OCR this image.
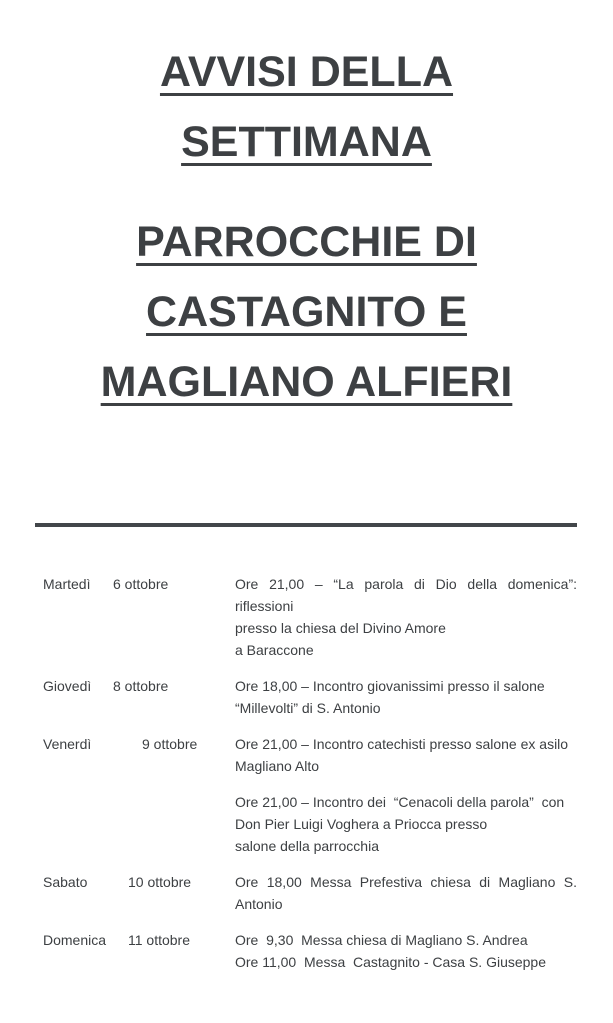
AVVISI DELLA
SETTIMANA
PARROCCHIE DI
CASTAGNITO E
MAGLIANO ALFIERI
Martedì	6 ottobre	Ore 21,00 – “La parola di Dio della domenica”:
riflessioni
presso la chiesa del Divino Amore
a Baraccone
Giovedì	8 ottobre	Ore 18,00 – Incontro giovanissimi presso il salone
“Millevolti” di S. Antonio
Venerdì	9 ottobre	Ore 21,00 – Incontro catechisti presso salone ex asilo
Magliano Alto
Ore 21,00 – Incontro dei  “Cenacoli della parola”  con
Don Pier Luigi Voghera a Priocca presso
salone della parrocchia
Sabato	10 ottobre	Ore 18,00 Messa Prefestiva chiesa di Magliano S.
Antonio
Domenica	11 ottobre	Ore  9,30  Messa chiesa di Magliano S. Andrea
Ore 11,00  Messa  Castagnito - Casa S. Giuseppe
